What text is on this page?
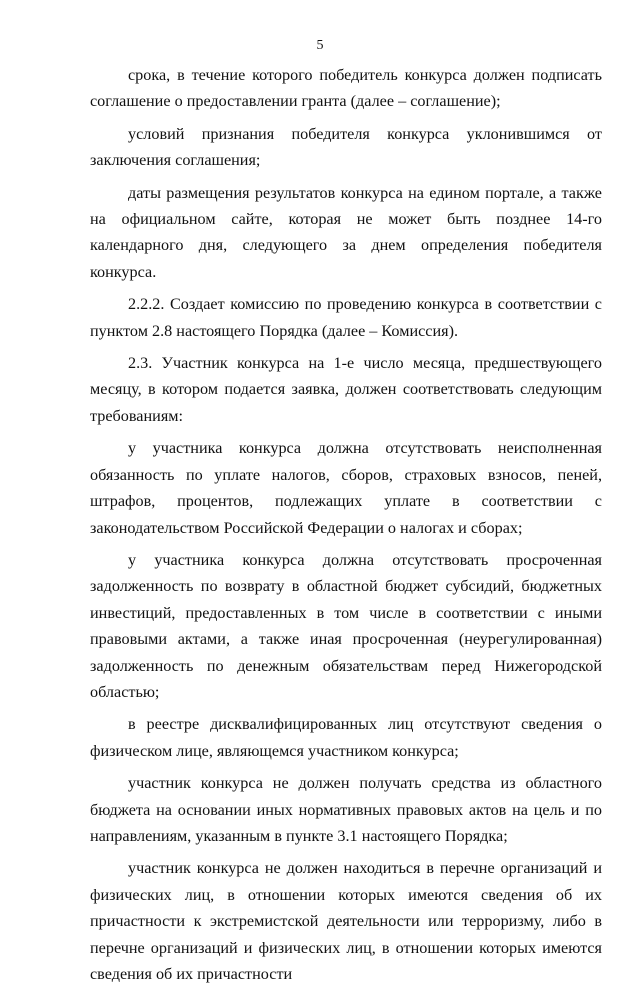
5

срока, в течение которого победитель конкурса должен подписать соглашение о предоставлении гранта (далее – соглашение);

условий признания победителя конкурса уклонившимся от заключения соглашения;

даты размещения результатов конкурса на едином портале, а также на официальном сайте, которая не может быть позднее 14-го календарного дня, следующего за днем определения победителя конкурса.

2.2.2. Создает комиссию по проведению конкурса в соответствии с пунктом 2.8 настоящего Порядка (далее – Комиссия).

2.3. Участник конкурса на 1-е число месяца, предшествующего месяцу, в котором подается заявка, должен соответствовать следующим требованиям:

у участника конкурса должна отсутствовать неисполненная обязанность по уплате налогов, сборов, страховых взносов, пеней, штрафов, процентов, подлежащих уплате в соответствии с законодательством Российской Федерации о налогах и сборах;

у участника конкурса должна отсутствовать просроченная задолженность по возврату в областной бюджет субсидий, бюджетных инвестиций, предоставленных в том числе в соответствии с иными правовыми актами, а также иная просроченная (неурегулированная) задолженность по денежным обязательствам перед Нижегородской областью;

в реестре дисквалифицированных лиц отсутствуют сведения о физическом лице, являющемся участником конкурса;

участник конкурса не должен получать средства из областного бюджета на основании иных нормативных правовых актов на цель и по направлениям, указанным в пункте 3.1 настоящего Порядка;

участник конкурса не должен находиться в перечне организаций и физических лиц, в отношении которых имеются сведения об их причастности к экстремистской деятельности или терроризму, либо в перечне организаций и физических лиц, в отношении которых имеются сведения об их причастности
